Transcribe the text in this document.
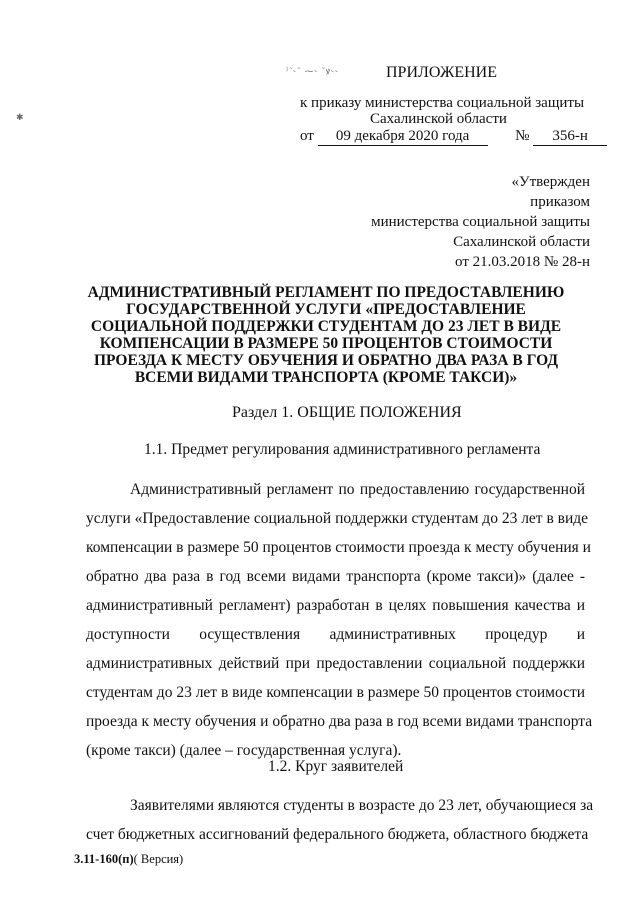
ˀ˜˞˜ ⁓˞ ˜ꝟ˞˞
✱
ПРИЛОЖЕНИЕ
к приказу министерства социальной защиты
Сахалинской области
от 09 декабря 2020 года	№ 356-н
«Утвержден
приказом
министерства социальной защиты
Сахалинской области
от 21.03.2018 № 28-н
АДМИНИСТРАТИВНЫЙ РЕГЛАМЕНТ ПО ПРЕДОСТАВЛЕНИЮ
ГОСУДАРСТВЕННОЙ УСЛУГИ «ПРЕДОСТАВЛЕНИЕ
СОЦИАЛЬНОЙ ПОДДЕРЖКИ СТУДЕНТАМ ДО 23 ЛЕТ В ВИДЕ
КОМПЕНСАЦИИ В РАЗМЕРЕ 50 ПРОЦЕНТОВ СТОИМОСТИ
ПРОЕЗДА К МЕСТУ ОБУЧЕНИЯ И ОБРАТНО ДВА РАЗА В ГОД
ВСЕМИ ВИДАМИ ТРАНСПОРТА (КРОМЕ ТАКСИ)»
Раздел 1. ОБЩИЕ ПОЛОЖЕНИЯ
1.1. Предмет регулирования административного регламента
Административный регламент по предоставлению государственной
услуги «Предоставление социальной поддержки студентам до 23 лет в виде
компенсации в размере 50 процентов стоимости проезда к месту обучения и
обратно два раза в год всеми видами транспорта (кроме такси)» (далее -
административный регламент) разработан в целях повышения качества и
доступности осуществления административных процедур и
административных действий при предоставлении социальной поддержки
студентам до 23 лет в виде компенсации в размере 50 процентов стоимости
проезда к месту обучения и обратно два раза в год всеми видами транспорта
(кроме такси) (далее – государственная услуга).
1.2. Круг заявителей
Заявителями являются студенты в возрасте до 23 лет, обучающиеся за
счет бюджетных ассигнований федерального бюджета, областного бюджета
3.11-160(п)( Версия)
